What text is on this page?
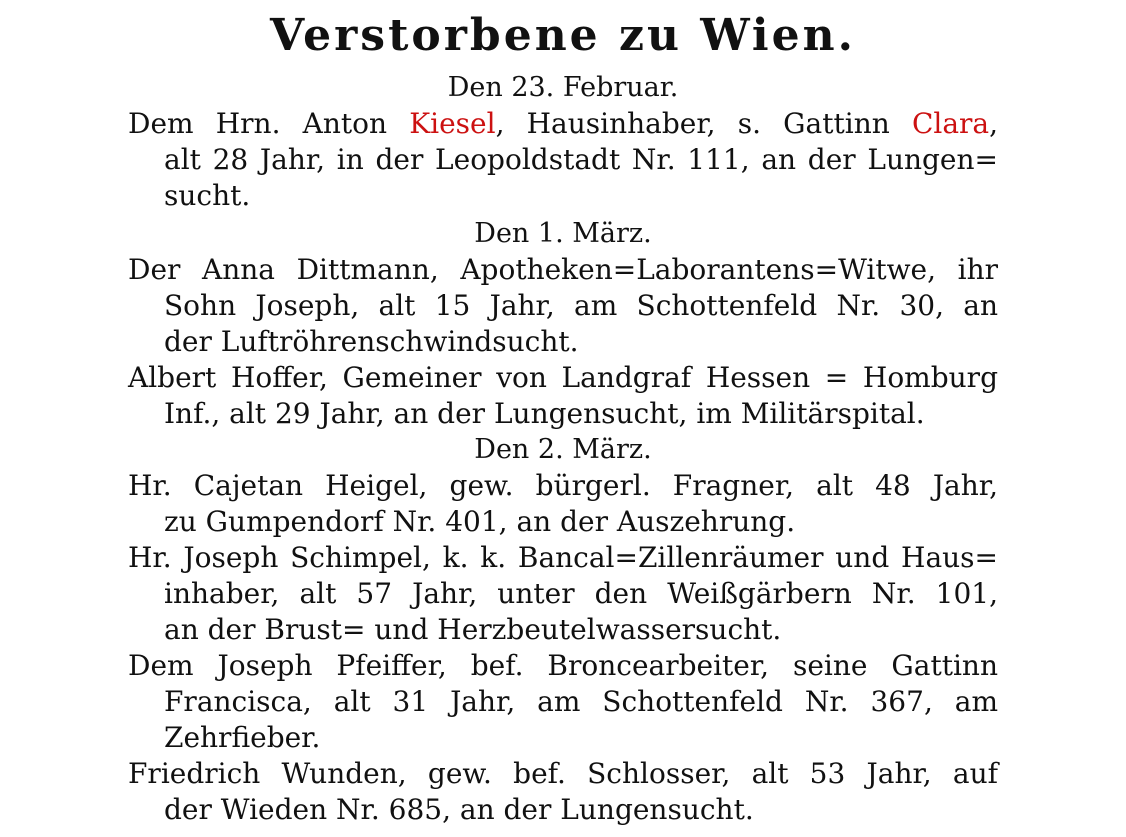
Verstorbene zu Wien.
Den 23. Februar.
Dem Hrn. Anton Kiesel, Hausinhaber, s. Gattinn Clara,
alt 28 Jahr, in der Leopoldstadt Nr. 111, an der Lungen=
sucht.
Den 1. März.
Der Anna Dittmann, Apotheken=Laborantens=Witwe, ihr
Sohn Joseph, alt 15 Jahr, am Schottenfeld Nr. 30, an
der Luftröhrenschwindsucht.
Albert Hoffer, Gemeiner von Landgraf Hessen = Homburg
Inf., alt 29 Jahr, an der Lungensucht, im Militärspital.
Den 2. März.
Hr. Cajetan Heigel, gew. bürgerl. Fragner, alt 48 Jahr,
zu Gumpendorf Nr. 401, an der Auszehrung.
Hr. Joseph Schimpel, k. k. Bancal=Zillenräumer und Haus=
inhaber, alt 57 Jahr, unter den Weißgärbern Nr. 101,
an der Brust= und Herzbeutelwassersucht.
Dem Joseph Pfeiffer, bef. Broncearbeiter, seine Gattinn
Francisca, alt 31 Jahr, am Schottenfeld Nr. 367, am
Zehrfieber.
Friedrich Wunden, gew. bef. Schlosser, alt 53 Jahr, auf
der Wieden Nr. 685, an der Lungensucht.
